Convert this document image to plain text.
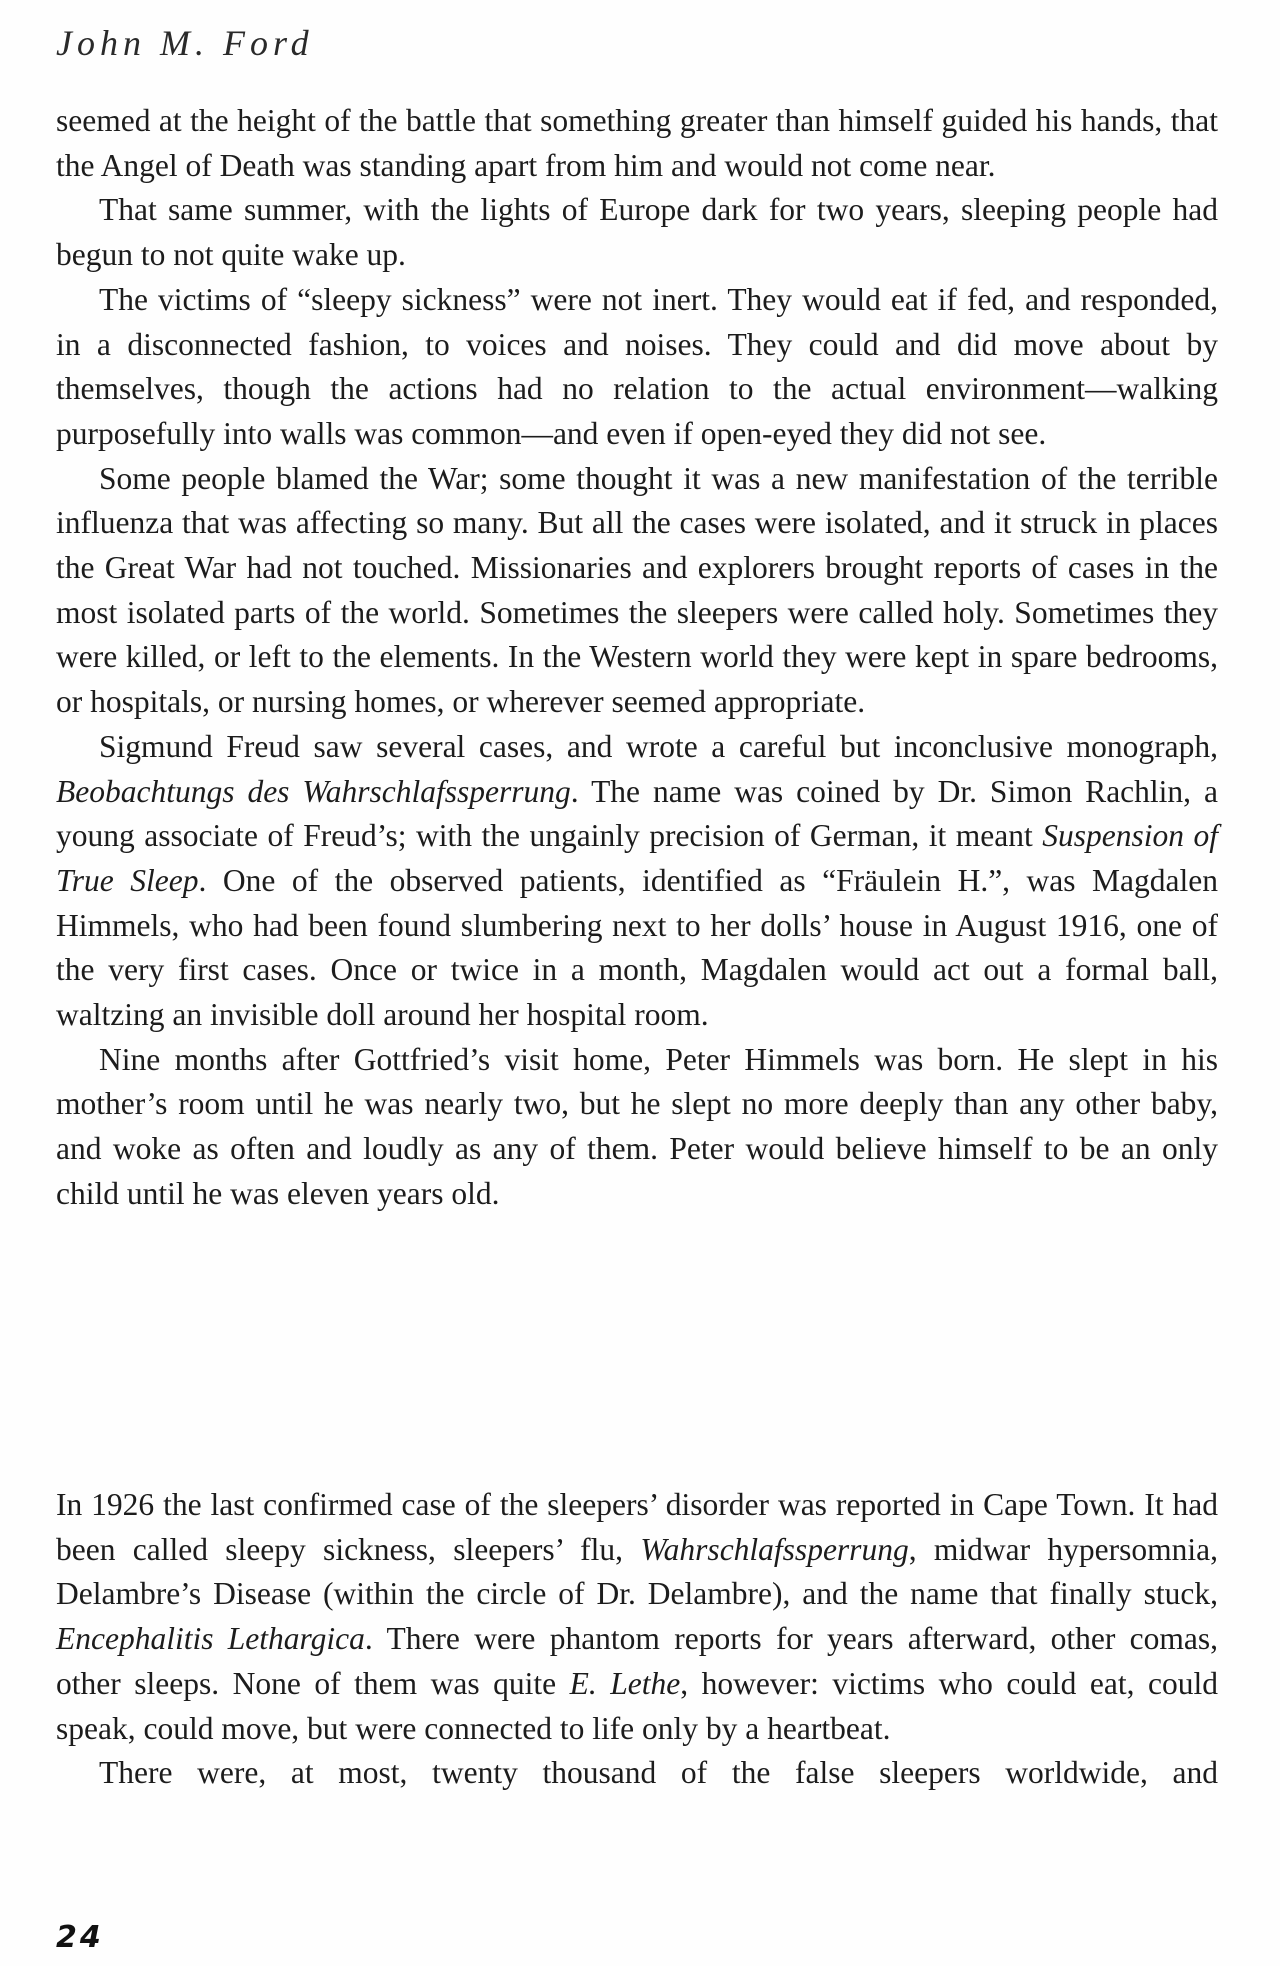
John M. Ford

seemed at the height of the battle that something greater than himself guided his hands, that the Angel of Death was standing apart from him and would not come near.

That same summer, with the lights of Europe dark for two years, sleeping people had begun to not quite wake up.

The victims of “sleepy sickness” were not inert. They would eat if fed, and responded, in a disconnected fashion, to voices and noises. They could and did move about by themselves, though the actions had no relation to the actual environment—walking purposefully into walls was common—and even if open-eyed they did not see.

Some people blamed the War; some thought it was a new manifestation of the terrible influenza that was affecting so many. But all the cases were isolated, and it struck in places the Great War had not touched. Missionaries and explorers brought reports of cases in the most isolated parts of the world. Sometimes the sleepers were called holy. Sometimes they were killed, or left to the elements. In the Western world they were kept in spare bedrooms, or hospitals, or nursing homes, or wherever seemed appropriate.

Sigmund Freud saw several cases, and wrote a careful but inconclusive monograph, Beobachtungs des Wahrschlafssperrung. The name was coined by Dr. Simon Rachlin, a young associate of Freud’s; with the ungainly precision of German, it meant Suspension of True Sleep. One of the observed patients, identified as “Fräulein H.”, was Magdalen Himmels, who had been found slumbering next to her dolls’ house in August 1916, one of the very first cases. Once or twice in a month, Magdalen would act out a formal ball, waltzing an invisible doll around her hospital room.

Nine months after Gottfried’s visit home, Peter Himmels was born. He slept in his mother’s room until he was nearly two, but he slept no more deeply than any other baby, and woke as often and loudly as any of them. Peter would believe himself to be an only child until he was eleven years old.

In 1926 the last confirmed case of the sleepers’ disorder was reported in Cape Town. It had been called sleepy sickness, sleepers’ flu, Wahrschlafssperrung, midwar hypersomnia, Delambre’s Disease (within the circle of Dr. Delambre), and the name that finally stuck, Encephalitis Lethargica. There were phantom reports for years afterward, other comas, other sleeps. None of them was quite E. Lethe, however: victims who could eat, could speak, could move, but were connected to life only by a heartbeat.

There were, at most, twenty thousand of the false sleepers worldwide, and

24
